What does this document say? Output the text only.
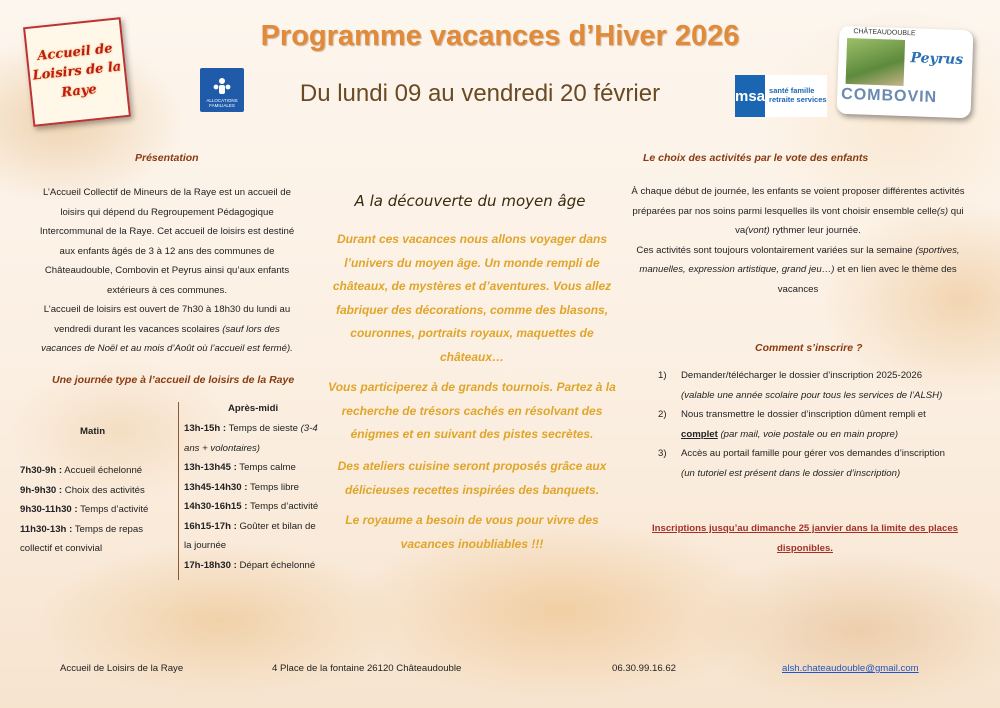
Accueil de Loisirs de la Raye
ALLOCATIONS FAMILIALES
Programme vacances d’Hiver 2026
Du lundi 09 au vendredi 20 février	msa santé famille retraite services
CHÂTEAUDOUBLE
Peyrus
COMBOVIN
Présentation
L’Accueil Collectif de Mineurs de la Raye est un accueil de loisirs qui dépend du Regroupement Pédagogique Intercommunal de la Raye. Cet accueil de loisirs est destiné aux enfants âgés de 3 à 12 ans des communes de Châteaudouble, Combovin et Peyrus ainsi qu’aux enfants extérieurs à ces communes.
L’accueil de loisirs est ouvert de 7h30 à 18h30 du lundi au vendredi durant les vacances scolaires (sauf lors des vacances de Noël et au mois d’Août où l’accueil est fermé).
Une journée type à l’accueil de loisirs de la Raye
Matin
Après-midi
7h30-9h : Accueil échelonné
9h-9h30 : Choix des activités
9h30-11h30 : Temps d’activité
11h30-13h : Temps de repas collectif et convivial
13h-15h : Temps de sieste (3-4 ans + volontaires)
13h-13h45 : Temps calme
13h45-14h30 : Temps libre
14h30-16h15 : Temps d’activité
16h15-17h : Goûter et bilan de la journée
17h-18h30 : Départ échelonné
A la découverte du moyen âge
Durant ces vacances nous allons voyager dans l’univers du moyen âge. Un monde rempli de châteaux, de mystères et d’aventures. Vous allez fabriquer des décorations, comme des blasons, couronnes, portraits royaux, maquettes de châteaux…
Vous participerez à de grands tournois. Partez à la recherche de trésors cachés en résolvant des énigmes et en suivant des pistes secrètes.
Des ateliers cuisine seront proposés grâce aux délicieuses recettes inspirées des banquets.
Le royaume a besoin de vous pour vivre des vacances inoubliables !!!
Le choix des activités par le vote des enfants
À chaque début de journée, les enfants se voient proposer différentes activités préparées par nos soins parmi lesquelles ils vont choisir ensemble celle(s) qui va(vont) rythmer leur journée.
Ces activités sont toujours volontairement variées sur la semaine (sportives, manuelles, expression artistique, grand jeu…) et en lien avec le thème des vacances
Comment s’inscrire ?
1)	Demander/télécharger le dossier d’inscription 2025-2026 (valable une année scolaire pour tous les services de l’ALSH)
2)	Nous transmettre le dossier d’inscription dûment rempli et complet (par mail, voie postale ou en main propre)
3)	Accès au portail famille pour gérer vos demandes d’inscription (un tutoriel est présent dans le dossier d’inscription)
Inscriptions jusqu’au dimanche 25 janvier dans la limite des places disponibles.
Accueil de Loisirs de la Raye	4 Place de la fontaine 26120 Châteaudouble	06.30.99.16.62	alsh.chateaudouble@gmail.com
